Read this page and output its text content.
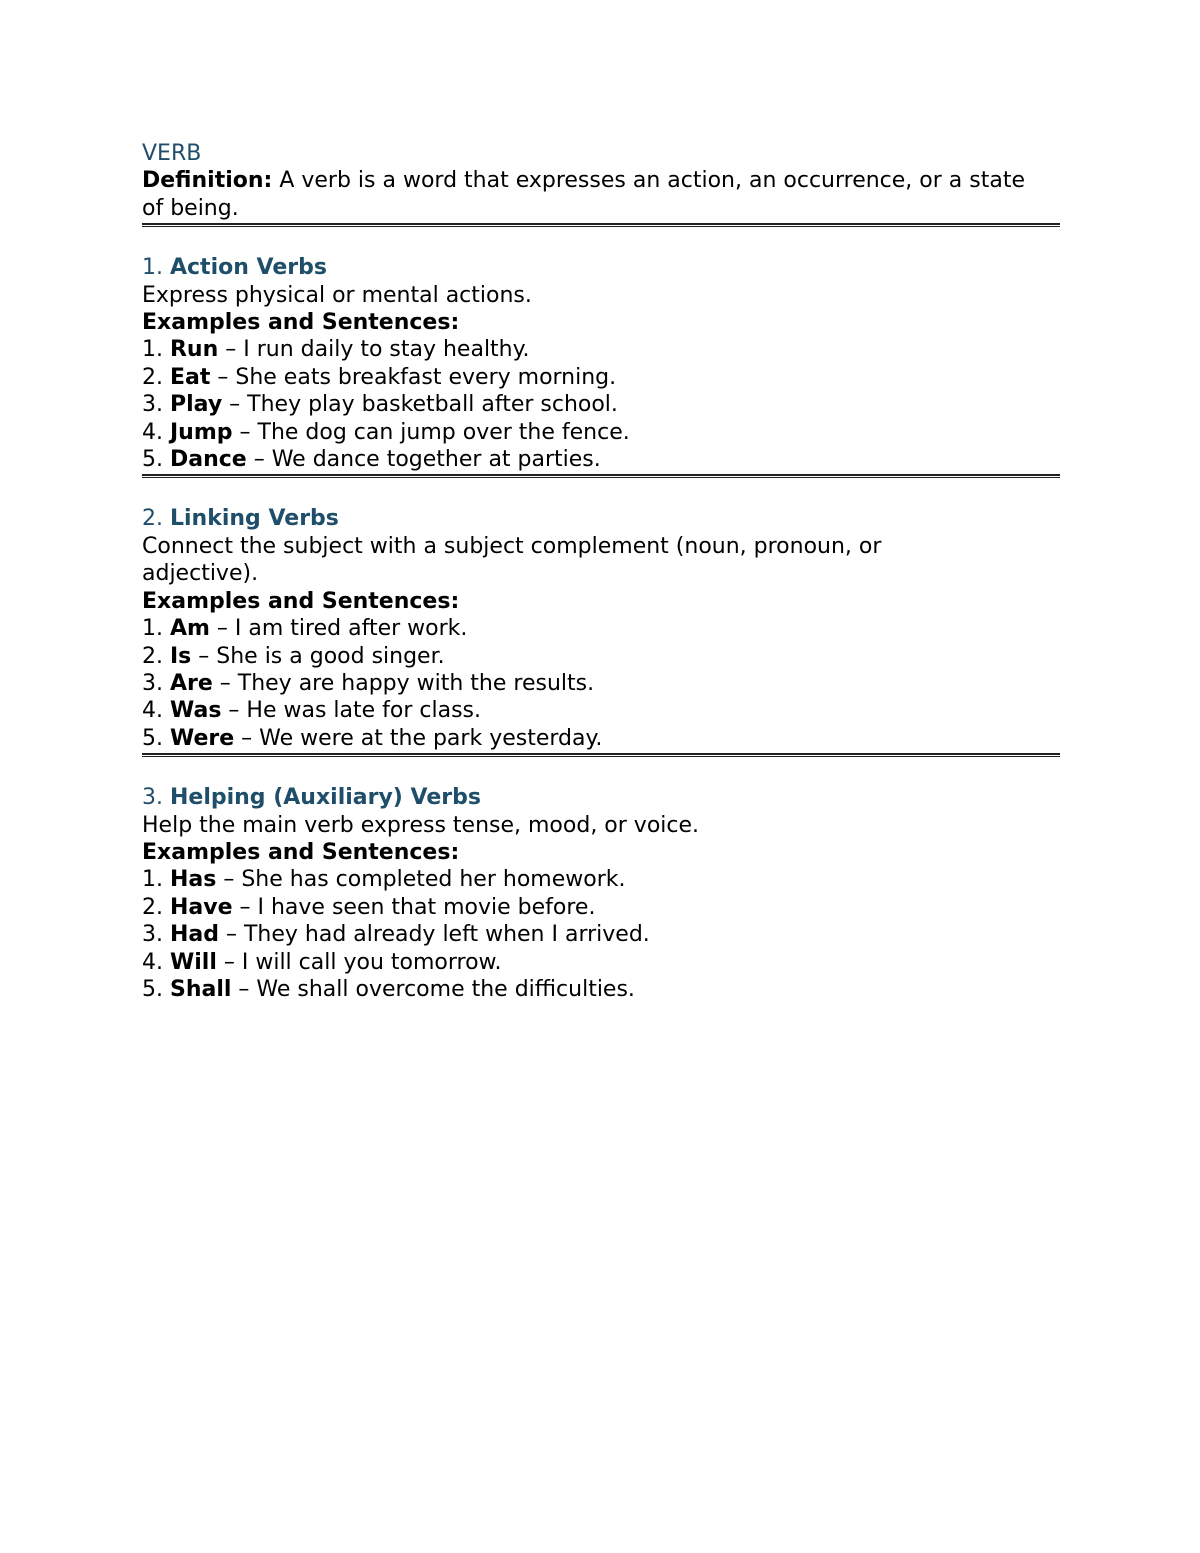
VERB
Definition: A verb is a word that expresses an action, an occurrence, or a state of being.
1. Action Verbs
Express physical or mental actions.
Examples and Sentences:
1. Run – I run daily to stay healthy.
2. Eat – She eats breakfast every morning.
3. Play – They play basketball after school.
4. Jump – The dog can jump over the fence.
5. Dance – We dance together at parties.
2. Linking Verbs
Connect the subject with a subject complement (noun, pronoun, or adjective).
Examples and Sentences:
1. Am – I am tired after work.
2. Is – She is a good singer.
3. Are – They are happy with the results.
4. Was – He was late for class.
5. Were – We were at the park yesterday.
3. Helping (Auxiliary) Verbs
Help the main verb express tense, mood, or voice.
Examples and Sentences:
1. Has – She has completed her homework.
2. Have – I have seen that movie before.
3. Had – They had already left when I arrived.
4. Will – I will call you tomorrow.
5. Shall – We shall overcome the difficulties.
